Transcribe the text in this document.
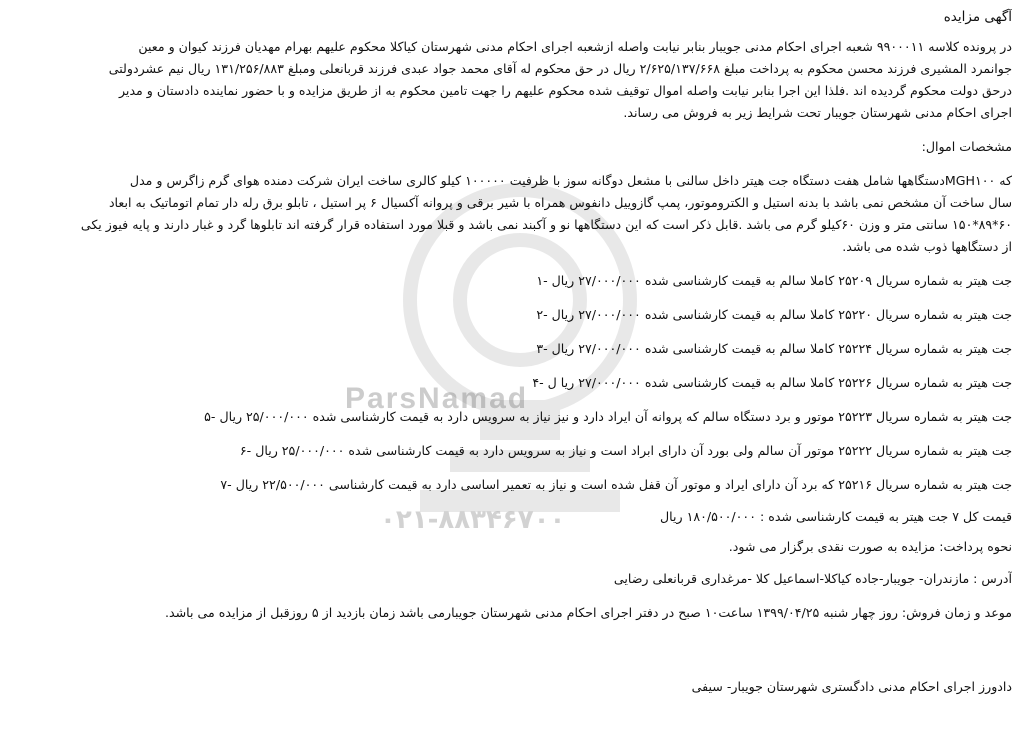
ParsNamad
۰۲۱-۸۸۳۴۶۷۰۰
آگهی مزایده
در پرونده کلاسه ۹۹۰۰۰۱۱ شعبه اجرای احکام مدنی جویبار بنابر نیابت واصله ازشعبه اجرای احکام مدنی شهرستان کیاکلا محکوم علیهم بهرام مهدیان فرزند کیوان و معین
جوانمرد المشیری فرزند محسن محکوم به پرداخت مبلغ ۲/۶۲۵/۱۳۷/۶۶۸ ریال در حق محکوم له آقای محمد جواد عبدی فرزند قربانعلی ومبلغ ۱۳۱/۲۵۶/۸۸۳ ریال نیم عشردولتی
درحق دولت محکوم گردیده اند .فلذا این اجرا بنابر نیابت واصله اموال توقیف شده محکوم علیهم را جهت تامین محکوم به از طریق مزایده و با حضور نماینده دادستان و مدیر
اجرای احکام مدنی شهرستان جویبار تحت شرایط زیر به فروش می رساند.
مشخصات اموال:
که MGH۱۰۰دستگاهها شامل هفت دستگاه جت هیتر داخل سالنی با مشعل دوگانه سوز با ظرفیت ۱۰۰۰۰۰ کیلو کالری ساخت ایران شرکت دمنده هوای گرم زاگرس و مدل
سال ساخت آن مشخص نمی باشد با بدنه استیل و الکتروموتور، پمپ گازوییل دانفوس همراه با شیر برقی و پروانه آکسیال ۶ پر استیل ، تابلو برق رله دار تمام اتوماتیک به ابعاد
۶۰*۸۹*۱۵۰ سانتی متر و وزن ۶۰کیلو گرم می باشد .قابل ذکر است که این دستگاهها نو و آکبند نمی باشد و قبلا مورد استفاده قرار گرفته اند تابلوها گرد و غبار دارند و پایه فیوز یکی
از دستگاهها ذوب شده می باشد.
جت هیتر به شماره سریال ۲۵۲۰۹ کاملا سالم به قیمت کارشناسی شده ۲۷/۰۰۰/۰۰۰ ریال -۱
جت هیتر به شماره سریال ۲۵۲۲۰ کاملا سالم به قیمت کارشناسی شده ۲۷/۰۰۰/۰۰۰ ریال -۲
جت هیتر به شماره سریال ۲۵۲۲۴ کاملا سالم به قیمت کارشناسی شده ۲۷/۰۰۰/۰۰۰ ریال -۳
جت هیتر به شماره سریال ۲۵۲۲۶ کاملا سالم به قیمت کارشناسی شده ۲۷/۰۰۰/۰۰۰ ریا ل -۴
جت هیتر به شماره سریال ۲۵۲۲۳ موتور و برد دستگاه سالم که پروانه آن ایراد دارد و نیز نیاز به سرویس دارد به قیمت کارشناسی شده ۲۵/۰۰۰/۰۰۰ ریال -۵
جت هیتر به شماره سریال ۲۵۲۲۲ موتور آن سالم ولی بورد آن دارای ابراد است و نیاز به سرویس دارد به قیمت کارشناسی شده ۲۵/۰۰۰/۰۰۰ ریال -۶
جت هیتر به شماره سریال ۲۵۲۱۶ که برد آن دارای ایراد و موتور آن قفل شده است و نیاز به تعمیر اساسی دارد به قیمت کارشناسی ۲۲/۵۰۰/۰۰۰ ریال -۷
قیمت کل ۷ جت هیتر به قیمت کارشناسی شده : ۱۸۰/۵۰۰/۰۰۰ ریال
نحوه پرداخت: مزایده به صورت نقدی برگزار می شود.
آدرس : مازندران- جویبار-جاده کیاکلا-اسماعیل کلا -مرغداری قربانعلی رضایی
موعد و زمان فروش: روز چهار شنبه ۱۳۹۹/۰۴/۲۵ ساعت۱۰ صبح در دفتر اجرای احکام مدنی شهرستان جویبارمی باشد زمان بازدید از ۵ روزقبل از مزایده می باشد.
دادورز اجرای احکام مدنی دادگستری شهرستان جویبار- سیفی
